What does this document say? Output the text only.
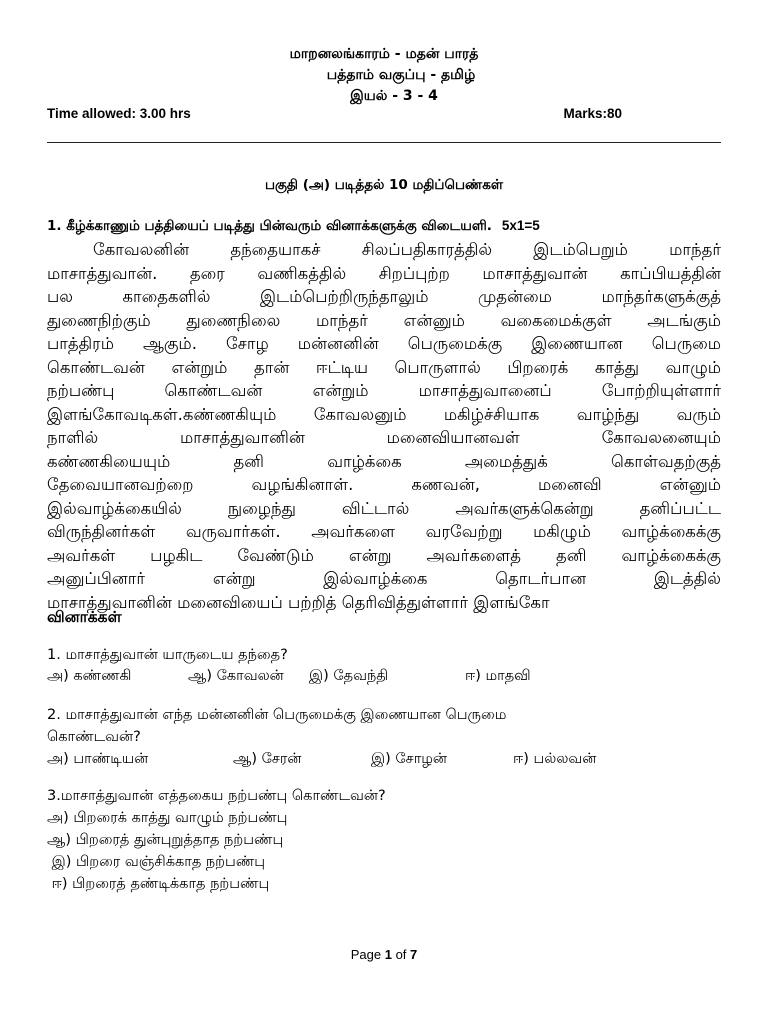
மாறனலங்காரம் - மதன் பாரத்
பத்தாம் வகுப்பு - தமிழ்
இயல் - 3 - 4
Time allowed: 3.00 hrs	Marks:80
பகுதி (அ) படித்தல் 10 மதிப்பெண்கள்
1. கீழ்க்காணும் பத்தியைப் படித்து பின்வரும் வினாக்களுக்கு விடையளி. 5x1=5
கோவலனின் தந்தையாகச் சிலப்பதிகாரத்தில் இடம்பெறும் மாந்தர்
மாசாத்துவான். தரை வணிகத்தில் சிறப்புற்ற மாசாத்துவான் காப்பியத்தின்
பல காதைகளில் இடம்பெற்றிருந்தாலும் முதன்மை மாந்தர்களுக்குத்
துணைநிற்கும் துணைநிலை மாந்தர் என்னும் வகைமைக்குள் அடங்கும்
பாத்திரம் ஆகும். சோழ மன்னனின் பெருமைக்கு இணையான பெருமை
கொண்டவன் என்றும் தான் ஈட்டிய பொருளால் பிறரைக் காத்து வாழும்
நற்பண்பு கொண்டவன் என்றும் மாசாத்துவானைப் போற்றியுள்ளார்
இளங்கோவடிகள்.கண்ணகியும் கோவலனும் மகிழ்ச்சியாக வாழ்ந்து வரும்
நாளில் மாசாத்துவானின் மனைவியானவள் கோவலனையும்
கண்ணகியையும் தனி வாழ்க்கை அமைத்துக் கொள்வதற்குத்
தேவையானவற்றை வழங்கினாள். கணவன், மனைவி என்னும்
இல்வாழ்க்கையில் நுழைந்து விட்டால் அவர்களுக்கென்று தனிப்பட்ட
விருந்தினர்கள் வருவார்கள். அவர்களை வரவேற்று மகிழும் வாழ்க்கைக்கு
அவர்கள் பழகிட வேண்டும் என்று அவர்களைத் தனி வாழ்க்கைக்கு
அனுப்பினார் என்று இல்வாழ்க்கை தொடர்பான இடத்தில்
மாசாத்துவானின் மனைவியைப் பற்றித் தெரிவித்துள்ளார் இளங்கோ
வினாக்கள்
1. மாசாத்துவான் யாருடைய தந்தை?
அ) கண்ணகி	ஆ) கோவலன் இ) தேவந்தி	ஈ) மாதவி
2. மாசாத்துவான் எந்த மன்னனின் பெருமைக்கு இணையான பெருமை
கொண்டவன்?
அ) பாண்டியன்	ஆ) சேரன்	இ) சோழன்	ஈ) பல்லவன்
3.மாசாத்துவான் எத்தகைய நற்பண்பு கொண்டவன்?
அ) பிறரைக் காத்து வாழும் நற்பண்பு
ஆ) பிறரைத் துன்புறுத்தாத நற்பண்பு
இ) பிறரை வஞ்சிக்காத நற்பண்பு
ஈ) பிறரைத் தண்டிக்காத நற்பண்பு
Page 1 of 7
